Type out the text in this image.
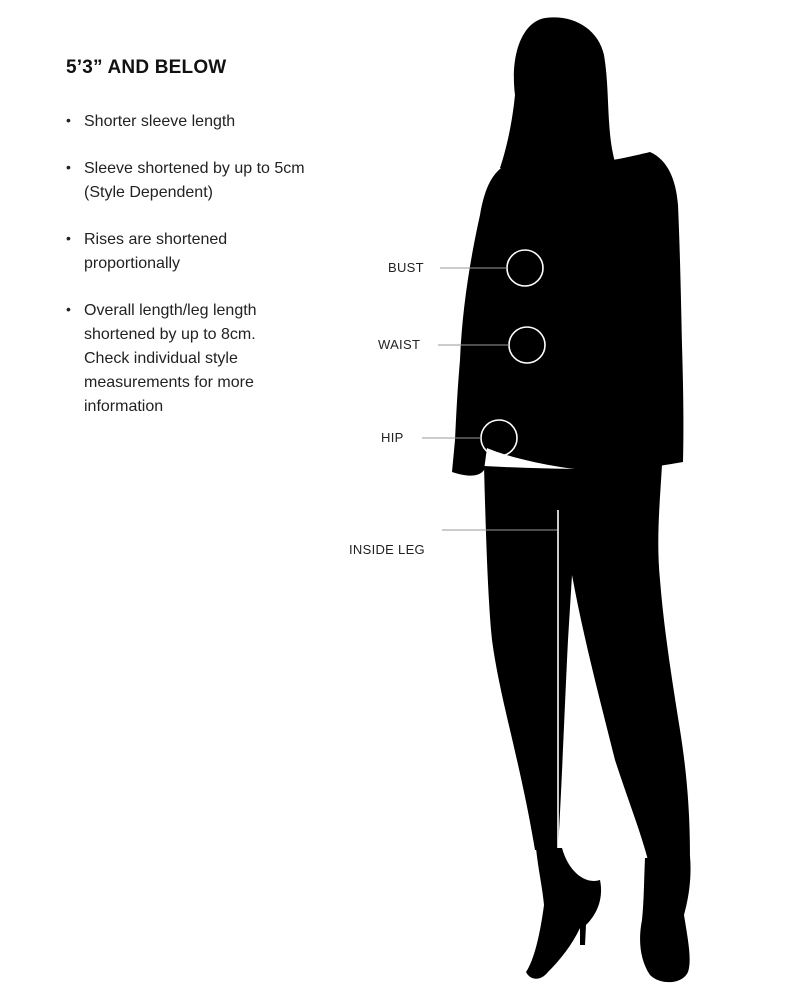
5’3” AND BELOW
• Shorter sleeve length
• Sleeve shortened by up to 5cm
(Style Dependent)
• Rises are shortened
proportionally
• Overall length/leg length
shortened by up to 8cm.
Check individual style
measurements for more
information
BUST
WAIST
HIP
INSIDE LEG
